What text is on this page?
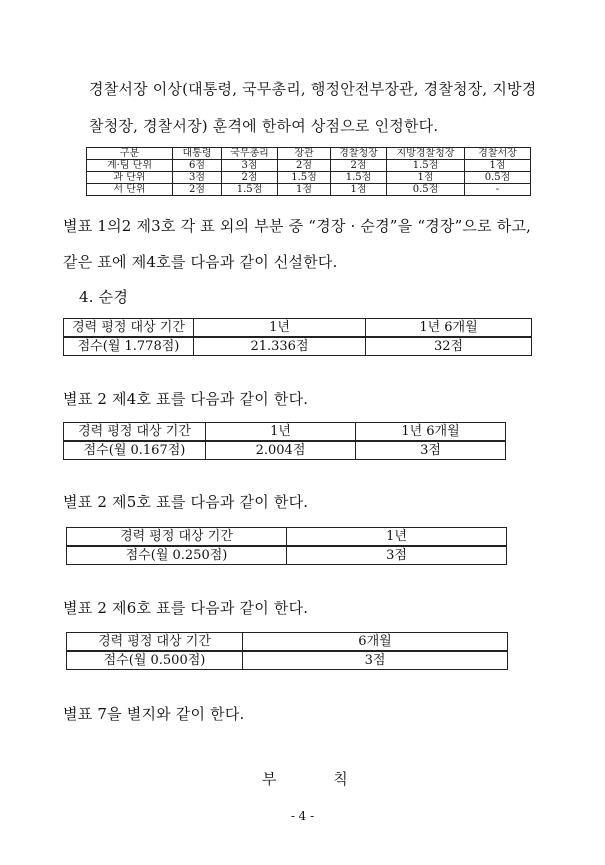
경찰서장 이상(대통령, 국무총리, 행정안전부장관, 경찰청장, 지방경
찰청장, 경찰서장) 훈격에 한하여 상점으로 인정한다.
구분	대통령	국무총리	장관	경찰청장	지방경찰청장	경찰서장
계·팀 단위	6점	3점	2점	2점	1.5점	1점
과 단위	3점	2점	1.5점	1.5점	1점	0.5점
서 단위	2점	1.5점	1점	1점	0.5점	-
별표 1의2 제3호 각 표 외의 부분 중 “경장 · 순경”을 “경장”으로 하고,
같은 표에 제4호를 다음과 같이 신설한다.
4. 순경
경력 평정 대상 기간	1년	1년 6개월
점수(월 1.778점)	21.336점	32점
별표 2 제4호 표를 다음과 같이 한다.
경력 평정 대상 기간	1년	1년 6개월
점수(월 0.167점)	2.004점	3점
별표 2 제5호 표를 다음과 같이 한다.
경력 평정 대상 기간	1년
점수(월 0.250점)	3점
별표 2 제6호 표를 다음과 같이 한다.
경력 평정 대상 기간	6개월
점수(월 0.500점)	3점
별표 7을 별지와 같이 한다.
부 칙
- 4 -
